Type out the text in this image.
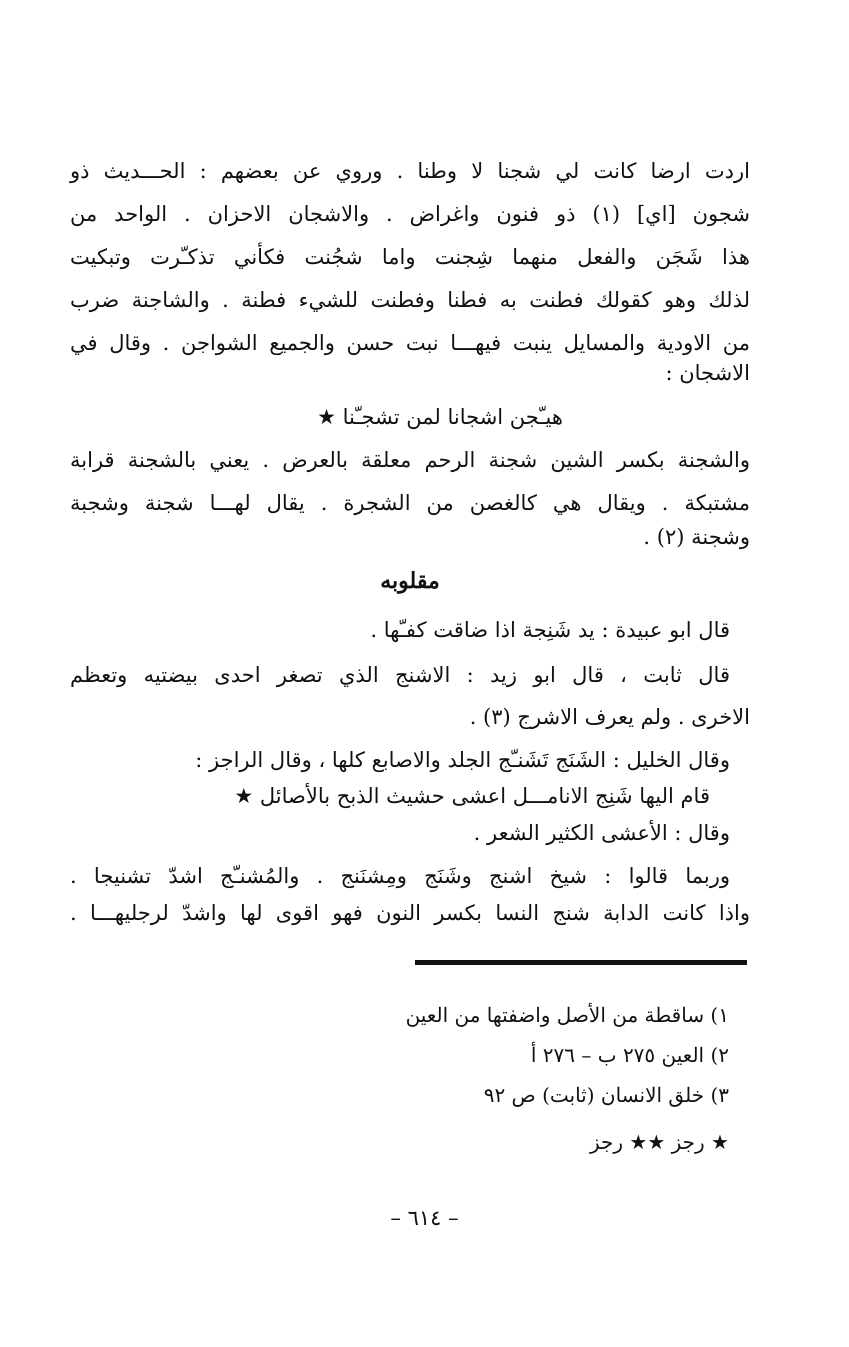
اردت ارضا كانت لي شجنا لا وطنا . وروي عن بعضهم : الحـــديث ذو
شجون [اي] (١) ذو فنون واغراض . والاشجان الاحزان . الواحد من
هذا شَجَن والفعل منهما شِجنت واما شجُنت فكأني تذكـّرت وتبكيت
لذلك وهو كقولك فطنت به فطنا وفطنت للشيء فطنة . والشاجنة ضرب
من الاودية والمسايل ينبت فيهـــا نبت حسن والجميع الشواجن . وقال في
الاشجان :
هيـّجن اشجانا لمن تشجـّنا ★
والشجنة بكسر الشين شجنة الرحم معلقة بالعرض . يعني بالشجنة قرابة
مشتبكة . ويقال هي كالغصن من الشجرة . يقال لهـــا شجنة وشجبة
وشجنة (٢) .
مقلوبه
قال ابو عبيدة : يد شَنِجة اذا ضاقت كفـّها .
قال ثابت ، قال ابو زيد : الاشنج الذي تصغر احدى بيضتيه وتعظم
الاخرى . ولم يعرف الاشرج (٣) .
وقال الخليل : الشَنَج تَشَنـّج الجلد والاصابع كلها ، وقال الراجز :
قام اليها شَنِج الانامـــل اعشى حشيث الذبح بالأصائل ★
وقال : الأعشى الكثير الشعر .
وربما قالوا : شيخ اشنج وشَنَج ومِشنَنج . والمُشنـّج اشدّ تشنيجا .
واذا كانت الدابة شنج النسا بكسر النون فهو اقوى لها واشدّ لرجليهـــا .
١) ساقطة من الأصل واضفتها من العين
٢) العين ٢٧٥ ب – ٢٧٦ أ
٣) خلق الانسان (ثابت) ص ٩٢
★ رجز ★★ رجز
– ٦١٤ –
